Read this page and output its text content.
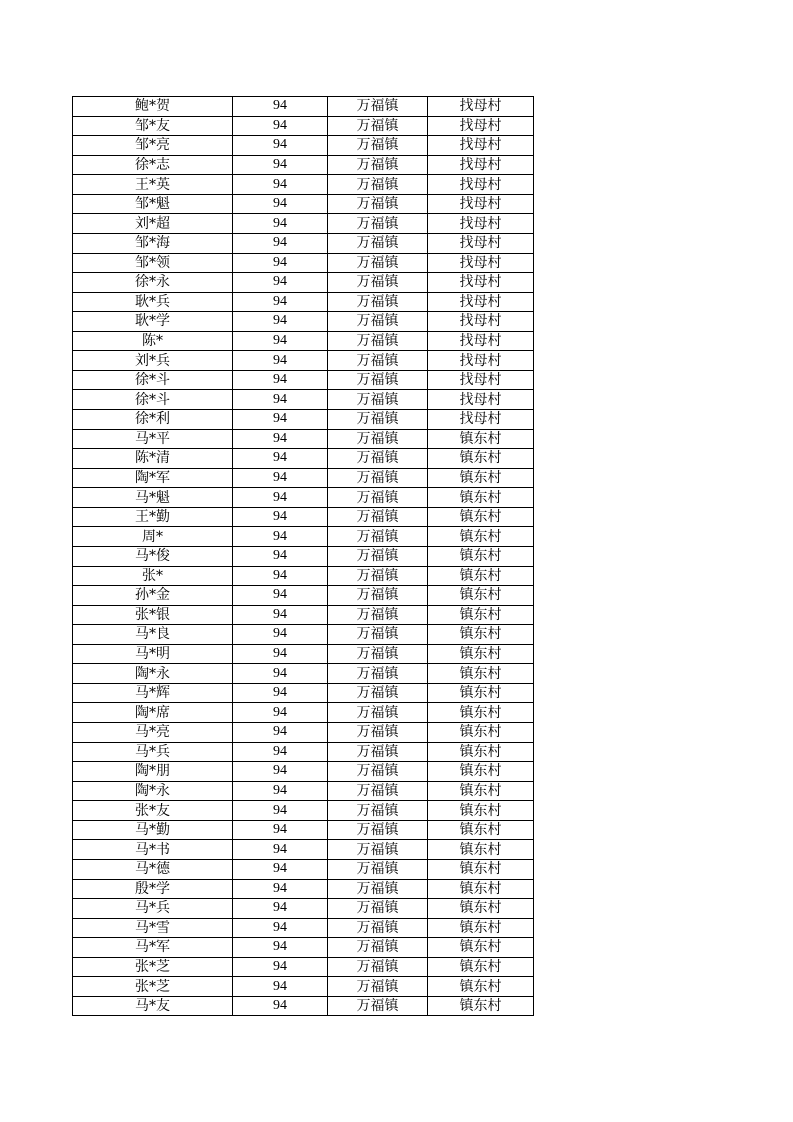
鲍*贺	94	万福镇	找母村
邹*友	94	万福镇	找母村
邹*亮	94	万福镇	找母村
徐*志	94	万福镇	找母村
王*英	94	万福镇	找母村
邹*魁	94	万福镇	找母村
刘*超	94	万福镇	找母村
邹*海	94	万福镇	找母村
邹*领	94	万福镇	找母村
徐*永	94	万福镇	找母村
耿*兵	94	万福镇	找母村
耿*学	94	万福镇	找母村
陈*	94	万福镇	找母村
刘*兵	94	万福镇	找母村
徐*斗	94	万福镇	找母村
徐*斗	94	万福镇	找母村
徐*利	94	万福镇	找母村
马*平	94	万福镇	镇东村
陈*清	94	万福镇	镇东村
陶*军	94	万福镇	镇东村
马*魁	94	万福镇	镇东村
王*勤	94	万福镇	镇东村
周*	94	万福镇	镇东村
马*俊	94	万福镇	镇东村
张*	94	万福镇	镇东村
孙*金	94	万福镇	镇东村
张*银	94	万福镇	镇东村
马*良	94	万福镇	镇东村
马*明	94	万福镇	镇东村
陶*永	94	万福镇	镇东村
马*辉	94	万福镇	镇东村
陶*席	94	万福镇	镇东村
马*亮	94	万福镇	镇东村
马*兵	94	万福镇	镇东村
陶*朋	94	万福镇	镇东村
陶*永	94	万福镇	镇东村
张*友	94	万福镇	镇东村
马*勤	94	万福镇	镇东村
马*书	94	万福镇	镇东村
马*德	94	万福镇	镇东村
殷*学	94	万福镇	镇东村
马*兵	94	万福镇	镇东村
马*雪	94	万福镇	镇东村
马*军	94	万福镇	镇东村
张*芝	94	万福镇	镇东村
张*芝	94	万福镇	镇东村
马*友	94	万福镇	镇东村
